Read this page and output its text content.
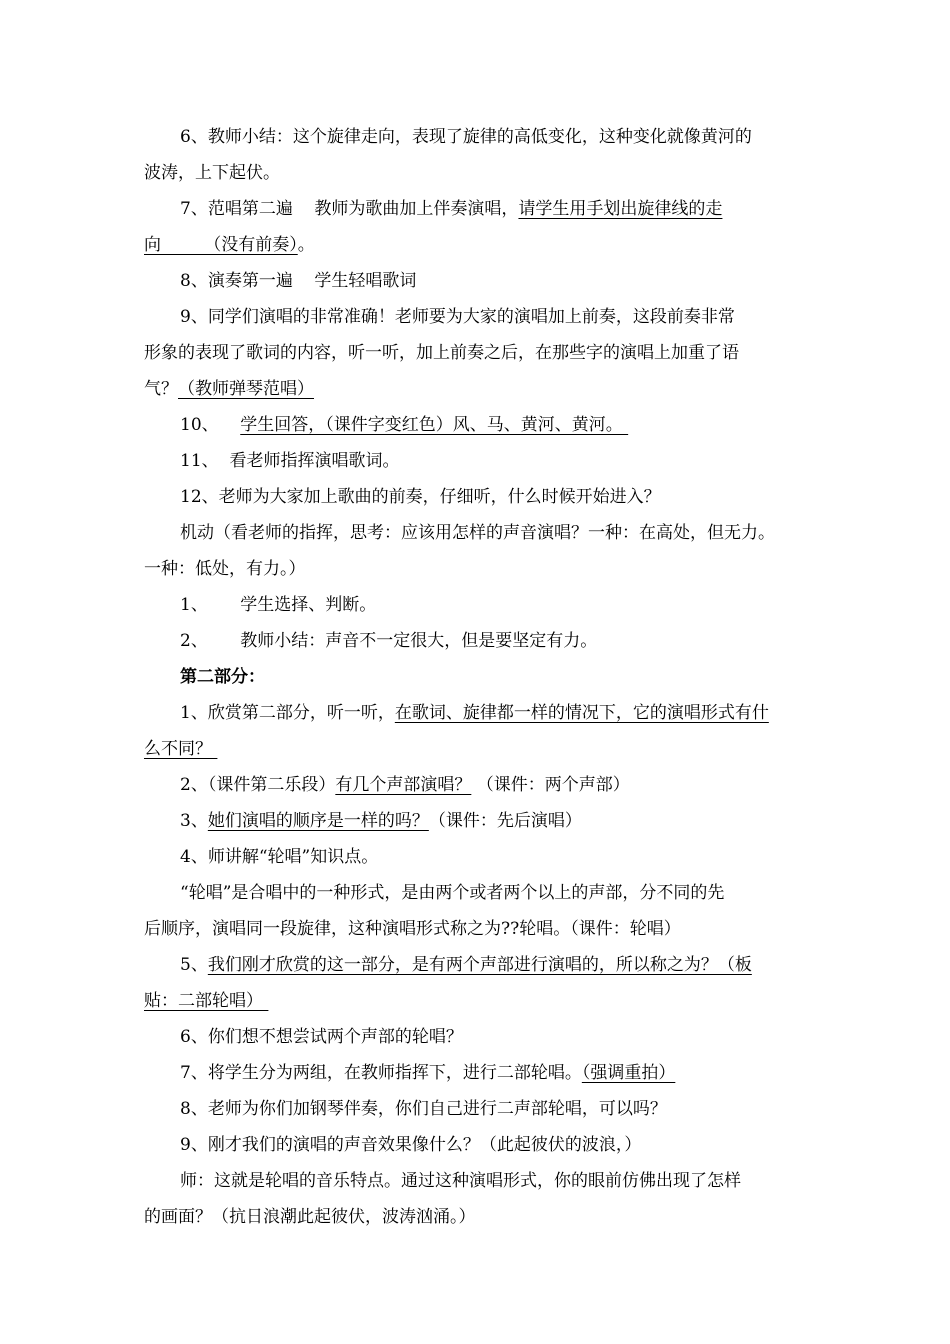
6、教师小结：这个旋律走向，表现了旋律的高低变化，这种变化就像黄河的
波涛，上下起伏。
7、范唱第二遍    教师为歌曲加上伴奏演唱，请学生用手划出旋律线的走
向        （没有前奏）。
8、演奏第一遍    学生轻唱歌词
9、同学们演唱的非常准确！老师要为大家的演唱加上前奏，这段前奏非常
形象的表现了歌词的内容，听一听，加上前奏之后，在那些字的演唱上加重了语
气？（教师弹琴范唱）
10、    学生回答，（课件字变红色）风、马、黄河、黄河。
11、  看老师指挥演唱歌词。
12、老师为大家加上歌曲的前奏，仔细听，什么时候开始进入？
机动（看老师的指挥，思考：应该用怎样的声音演唱？一种：在高处，但无力。
一种：低处，有力。）
1、      学生选择、判断。
2、      教师小结：声音不一定很大，但是要坚定有力。
第二部分：
1、欣赏第二部分，听一听，在歌词、旋律都一样的情况下，它的演唱形式有什
么不同？
2、（课件第二乐段）有几个声部演唱？ （课件：两个声部）
3、她们演唱的顺序是一样的吗？（课件：先后演唱）
4、师讲解“轮唱”知识点。
“轮唱”是合唱中的一种形式，是由两个或者两个以上的声部，分不同的先
后顺序，演唱同一段旋律，这种演唱形式称之为??轮唱。（课件：轮唱）
5、我们刚才欣赏的这一部分，是有两个声部进行演唱的，所以称之为？（板
贴：二部轮唱）
6、你们想不想尝试两个声部的轮唱？
7、将学生分为两组，在教师指挥下，进行二部轮唱。（强调重拍）
8、老师为你们加钢琴伴奏，你们自己进行二声部轮唱，可以吗？
9、刚才我们的演唱的声音效果像什么？（此起彼伏的波浪，）
师：这就是轮唱的音乐特点。通过这种演唱形式，你的眼前仿佛出现了怎样
的画面？（抗日浪潮此起彼伏，波涛汹涌。）
